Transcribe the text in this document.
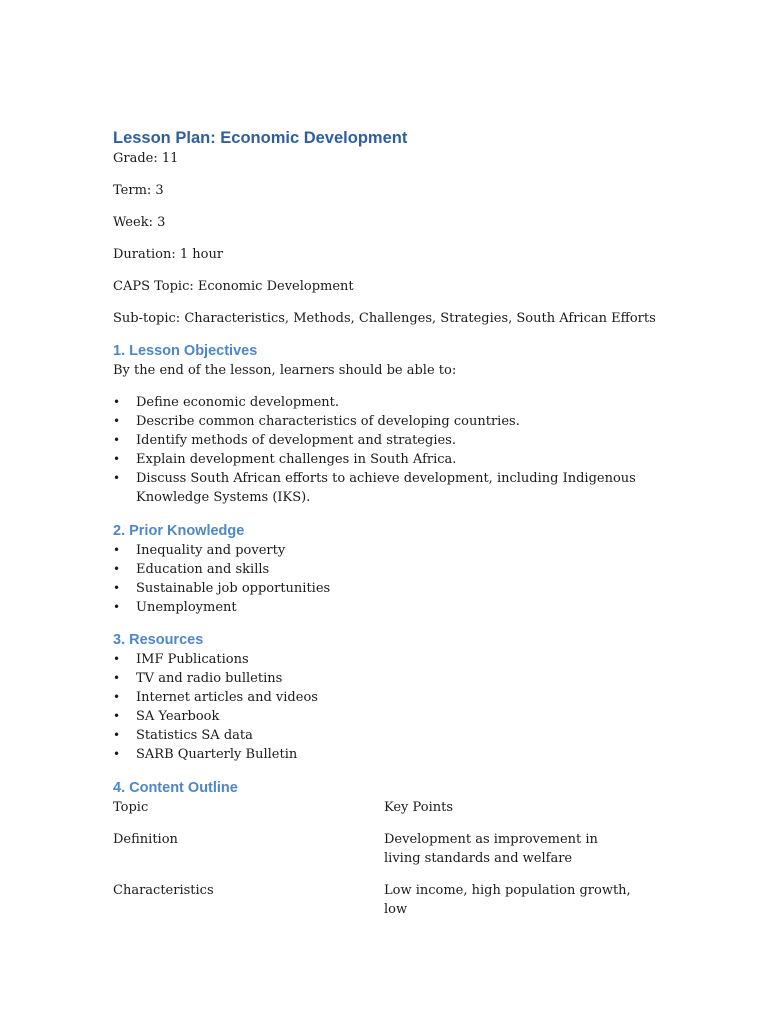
Lesson Plan: Economic Development

Grade: 11

Term: 3

Week: 3

Duration: 1 hour

CAPS Topic: Economic Development

Sub-topic: Characteristics, Methods, Challenges, Strategies, South African Efforts

1. Lesson Objectives

By the end of the lesson, learners should be able to:

• Define economic development.
• Describe common characteristics of developing countries.
• Identify methods of development and strategies.
• Explain development challenges in South Africa.
• Discuss South African efforts to achieve development, including Indigenous Knowledge Systems (IKS).
2. Prior Knowledge
• Inequality and poverty
• Education and skills
• Sustainable job opportunities
• Unemployment
3. Resources
• IMF Publications
• TV and radio bulletins
• Internet articles and videos
• SA Yearbook
• Statistics SA data
• SARB Quarterly Bulletin
4. Content Outline
Topic	Key Points
Definition	Development as improvement in living standards and welfare
Characteristics	Low income, high population growth, low
